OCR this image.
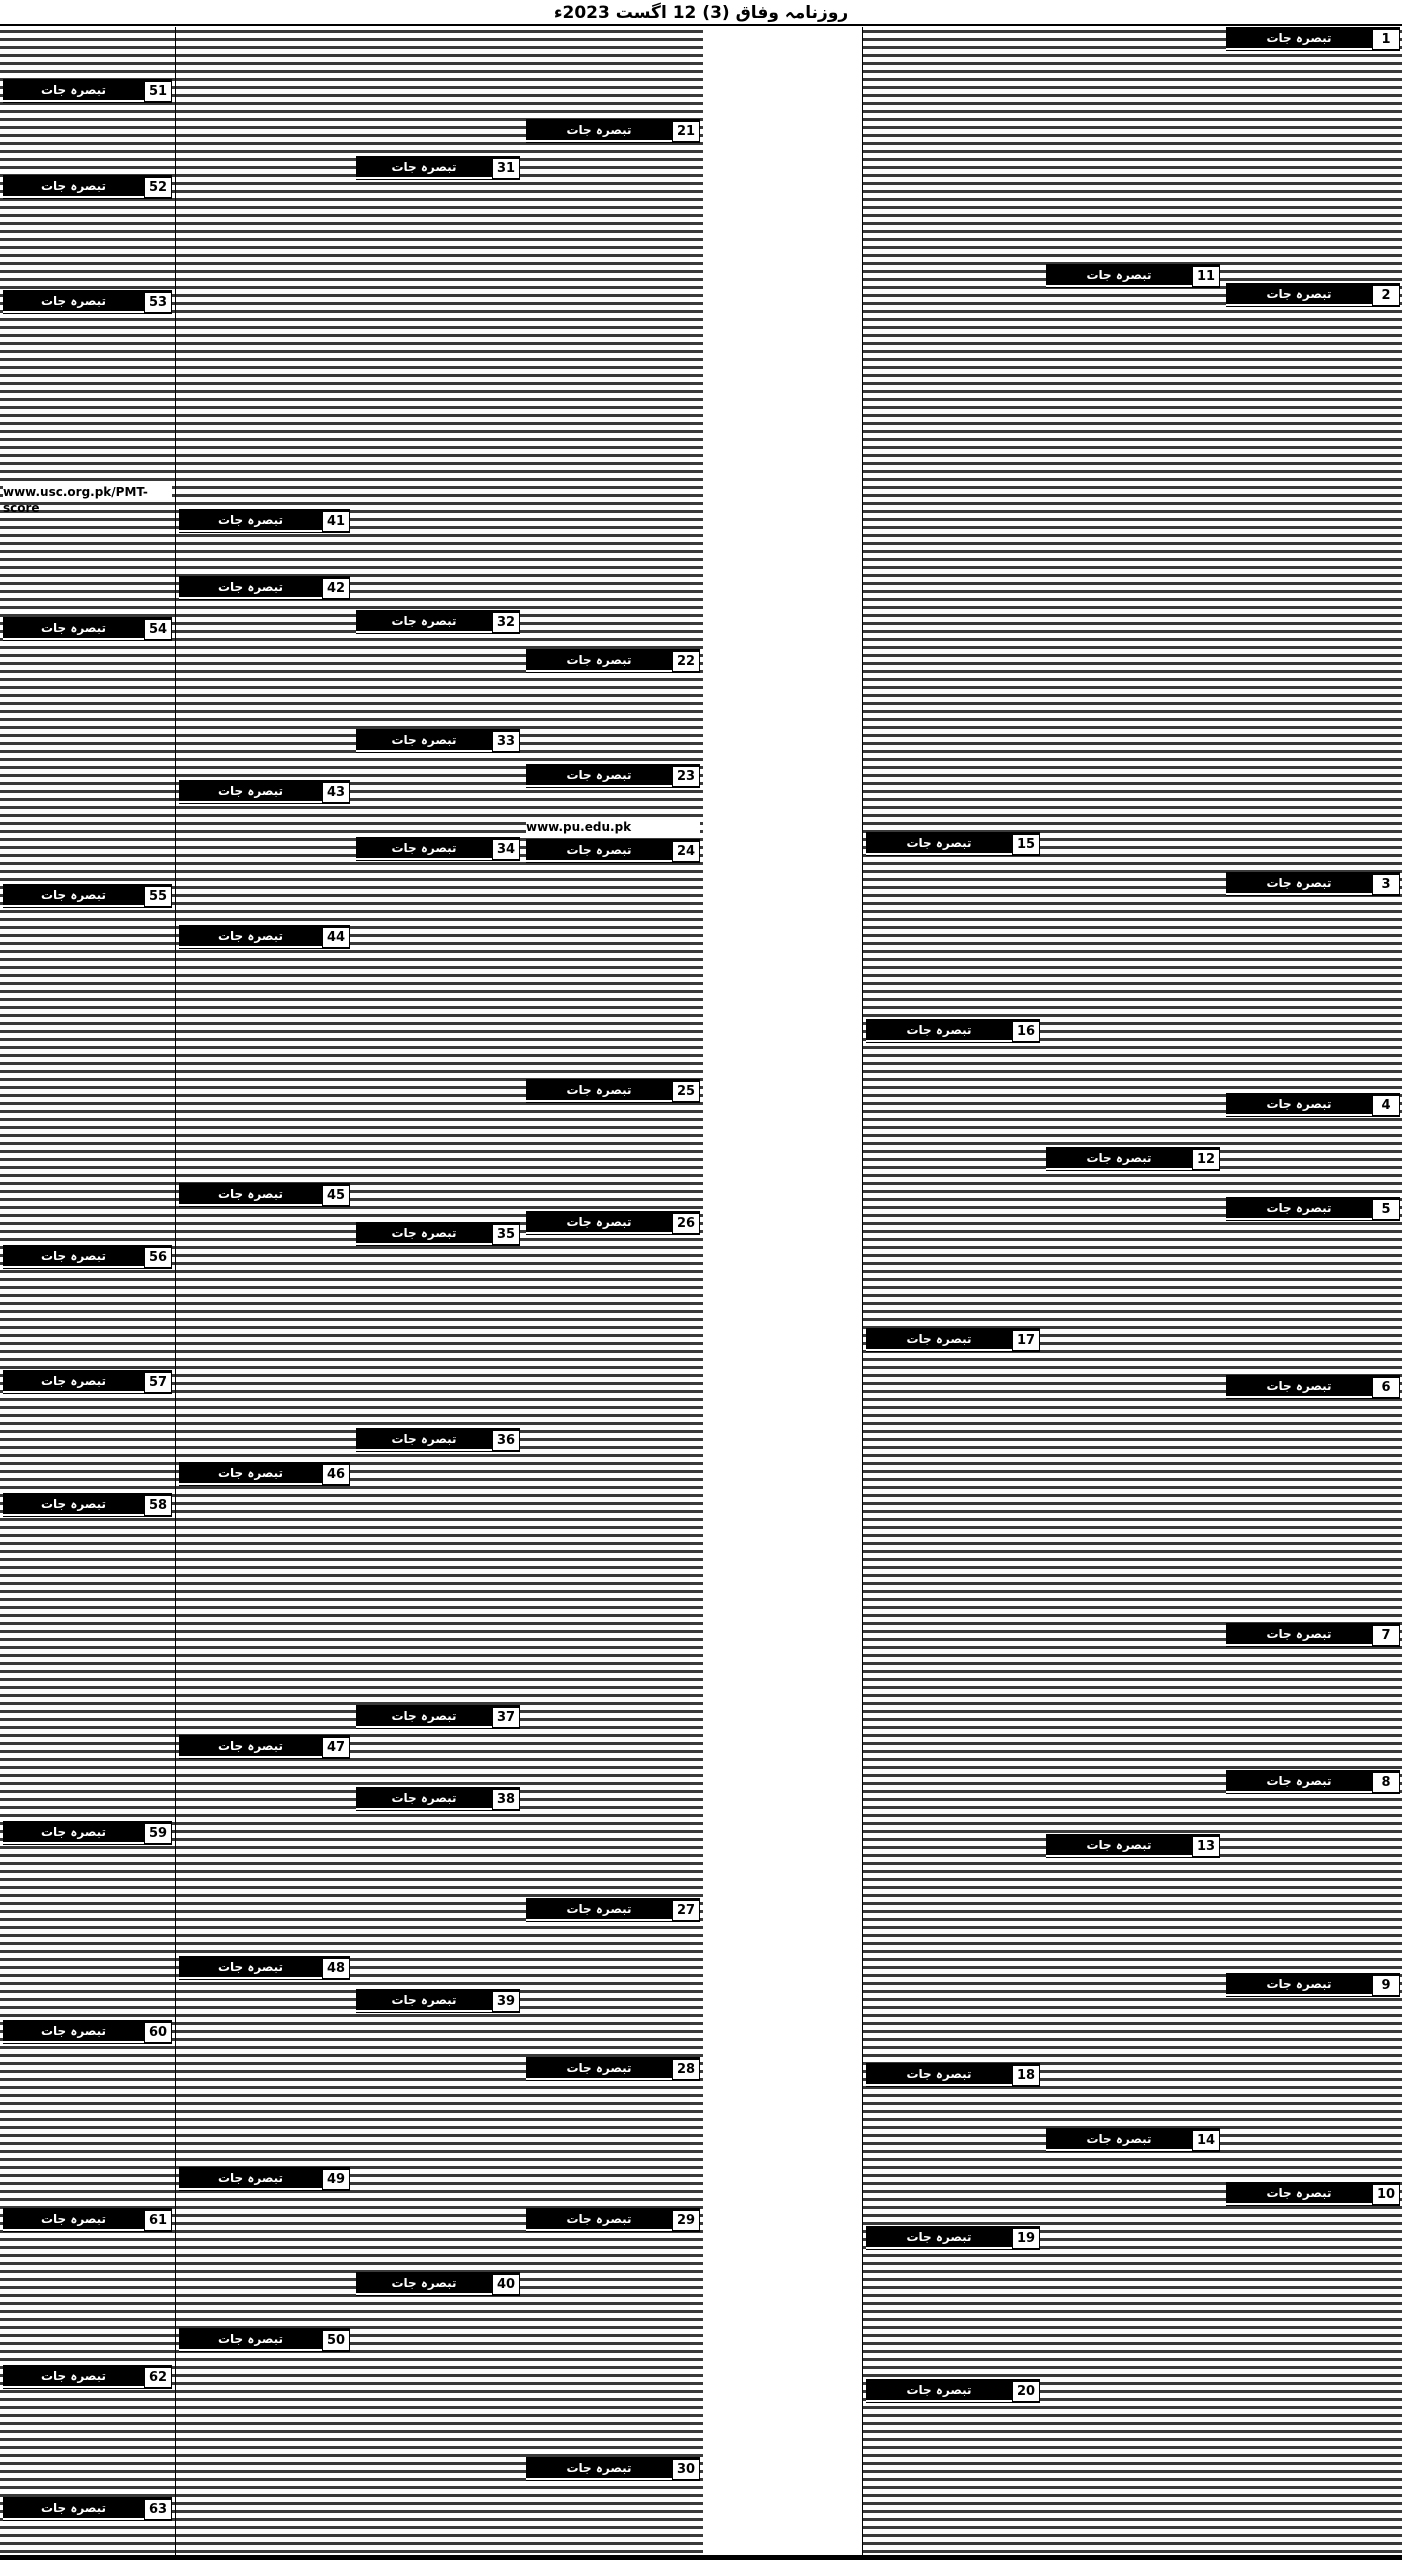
روزنامہ وفاق (3) 12 اگست 2023ء
1
تبصرہ جات
2
تبصرہ جات
3
تبصرہ جات
4
تبصرہ جات
5
تبصرہ جات
6
تبصرہ جات
7
تبصرہ جات
8
تبصرہ جات
9
تبصرہ جات
10
تبصرہ جات
11
تبصرہ جات
12
تبصرہ جات
13
تبصرہ جات
14
تبصرہ جات
15
تبصرہ جات
16
تبصرہ جات
17
تبصرہ جات
18
تبصرہ جات
19
تبصرہ جات
20
تبصرہ جات
21
تبصرہ جات
22
تبصرہ جات
23
تبصرہ جات
www.pu.edu.pk
24
تبصرہ جات
25
تبصرہ جات
26
تبصرہ جات
27
تبصرہ جات
28
تبصرہ جات
29
تبصرہ جات
30
تبصرہ جات
31
تبصرہ جات
32
تبصرہ جات
33
تبصرہ جات
34
تبصرہ جات
35
تبصرہ جات
36
تبصرہ جات
37
تبصرہ جات
38
تبصرہ جات
39
تبصرہ جات
40
تبصرہ جات
41
تبصرہ جات
42
تبصرہ جات
43
تبصرہ جات
44
تبصرہ جات
45
تبصرہ جات
46
تبصرہ جات
47
تبصرہ جات
48
تبصرہ جات
49
تبصرہ جات
50
تبصرہ جات
51
تبصرہ جات
52
تبصرہ جات
53
تبصرہ جات
www.usc.org.pk/PMT-score
54
تبصرہ جات
55
تبصرہ جات
56
تبصرہ جات
57
تبصرہ جات
58
تبصرہ جات
59
تبصرہ جات
60
تبصرہ جات
61
تبصرہ جات
62
تبصرہ جات
63
تبصرہ جات
